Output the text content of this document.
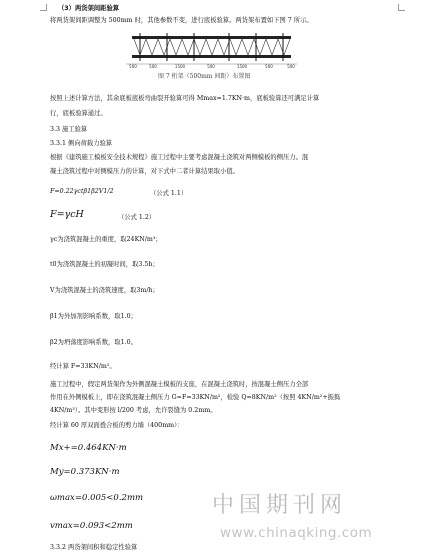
（3）两货架间距验算
将两货架间距调整为 500mm 时，其他参数不变，进行底板验算。两货架布置如下图 7 所示。
500	500	1500	500	1500	500	500
图 7 桁架（500mm 间距）布置图
按照上述计算方法，其余底板底板弯曲裂开验算可得 Mmax=1.7KN·m，底板验算还可满足计算
行，底板验算通过。
3.3 施工验算
3.3.1 侧向荷载力验算
根据《建筑施工模板安全技术规程》施工过程中主要考虑混凝土浇筑对两侧模板的侧压力。混
凝土浇筑过程中对侧模压力的计算，对下式中二者计算结果取小值。
F=0.22γctβ1β2V1/2	（公式 1.1）
F=γcH	（公式 1.2）
γc为浇筑混凝土的重度，取24KN/m³；
t0为浇筑混凝土的初凝时间，取3.5h；
V为浇筑混凝土的浇筑速度，取3m/h；
β1为外加剂影响系数，取1.0；
β2为坍落度影响系数，取1.0。
经计算 F=33KN/m²。
施工过程中，假定两货架作为外侧混凝土模板的支座，在混凝土浇筑时，按混凝土侧压力全部
作用在外侧模板上，即在浇筑混凝土侧压力 G=F=33KN/m²，检验 Q=8KN/m²（按照 4KN/m²+振捣
4KN/m²）。其中变形按 l/200 考虑，允许裂缝为 0.2mm。
经计算 60 厚双面叠合板的剪力墙（400mm）：
Mx+=0.464KN·m
My=0.373KN·m
ωmax=0.005<0.2mm
vmax=0.093<2mm
3.3.2 两货架间积和稳定性验算
中国期刊网
www.chinaqking.com
